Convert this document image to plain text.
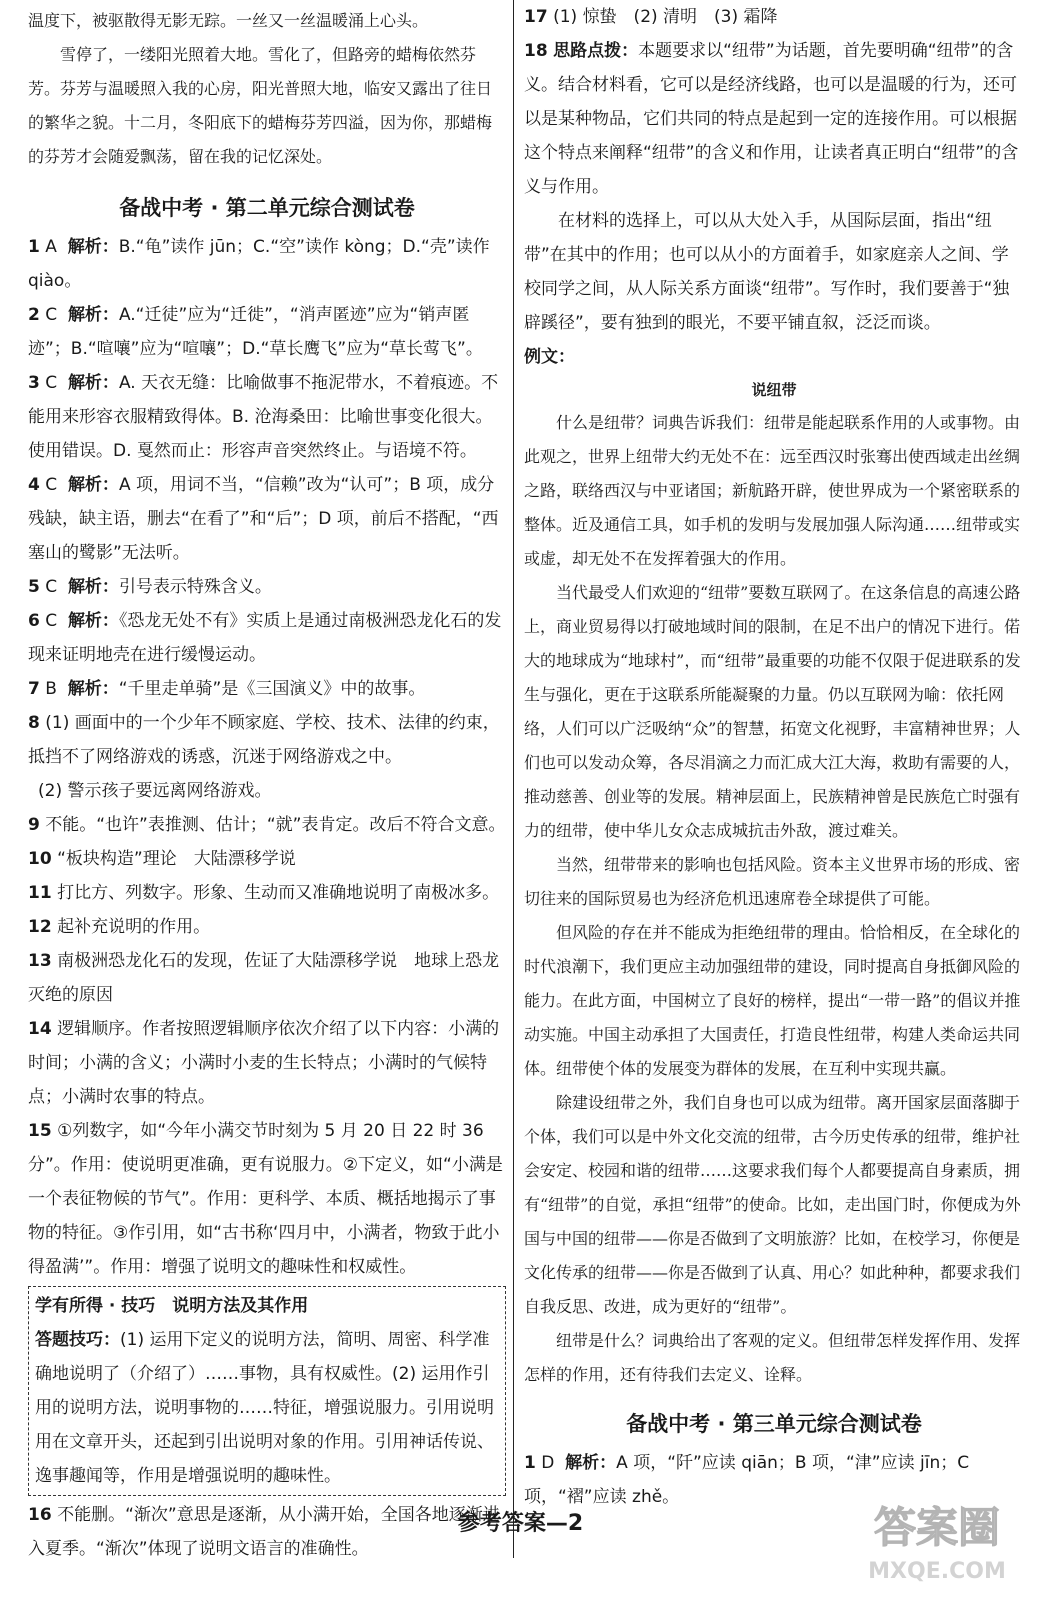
温度下，被驱散得无影无踪。一丝又一丝温暖涌上心头。

雪停了，一缕阳光照着大地。雪化了，但路旁的蜡梅依然芬芳。芬芳与温暖照入我的心房，阳光普照大地，临安又露出了往日的繁华之貌。十二月，冬阳底下的蜡梅芬芳四溢，因为你，那蜡梅的芬芳才会随爱飘荡，留在我的记忆深处。

备战中考 · 第二单元综合测试卷

1 A 解析：B.“龟”读作 jūn；C.“空”读作 kòng；D.“壳”读作 qiào。

2 C 解析：A.“迁徒”应为“迁徙”，“消声匿迹”应为“销声匿迹”；B.“喧嚷”应为“喧嚷”；D.“草长鹰飞”应为“草长莺飞”。

3 C 解析：A. 天衣无缝：比喻做事不拖泥带水，不着痕迹。不能用来形容衣服精致得体。B. 沧海桑田：比喻世事变化很大。使用错误。D. 戛然而止：形容声音突然终止。与语境不符。

4 C 解析：A 项，用词不当，“信赖”改为“认可”；B 项，成分残缺，缺主语，删去“在看了”和“后”；D 项，前后不搭配，“西塞山的鹭影”无法听。

5 C 解析：引号表示特殊含义。

6 C 解析：《恐龙无处不有》实质上是通过南极洲恐龙化石的发现来证明地壳在进行缓慢运动。

7 B 解析：“千里走单骑”是《三国演义》中的故事。

8 (1) 画面中的一个少年不顾家庭、学校、技术、法律的约束，抵挡不了网络游戏的诱惑，沉迷于网络游戏之中。

(2) 警示孩子要远离网络游戏。

9 不能。“也许”表推测、估计；“就”表肯定。改后不符合文意。

10 “板块构造”理论　大陆漂移学说

11 打比方、列数字。形象、生动而又准确地说明了南极冰多。

12 起补充说明的作用。

13 南极洲恐龙化石的发现，佐证了大陆漂移学说　地球上恐龙灭绝的原因

14 逻辑顺序。作者按照逻辑顺序依次介绍了以下内容：小满的时间；小满的含义；小满时小麦的生长特点；小满时的气候特点；小满时农事的特点。

15 ①列数字，如“今年小满交节时刻为 5 月 20 日 22 时 36 分”。作用：使说明更准确，更有说服力。②下定义，如“小满是一个表征物候的节气”。作用：更科学、本质、概括地揭示了事物的特征。③作引用，如“古书称‘四月中，小满者，物致于此小得盈满’”。作用：增强了说明文的趣味性和权威性。

学有所得 · 技巧　说明方法及其作用

答题技巧：(1) 运用下定义的说明方法，简明、周密、科学准确地说明了（介绍了）……事物，具有权威性。(2) 运用作引用的说明方法，说明事物的……特征，增强说服力。引用说明用在文章开头，还起到引出说明对象的作用。引用神话传说、逸事趣闻等，作用是增强说明的趣味性。

16 不能删。“渐次”意思是逐渐，从小满开始，全国各地逐渐进入夏季。“渐次”体现了说明文语言的准确性。

17 (1) 惊蛰　(2) 清明　(3) 霜降

18 思路点拨：本题要求以“纽带”为话题，首先要明确“纽带”的含义。结合材料看，它可以是经济线路，也可以是温暖的行为，还可以是某种物品，它们共同的特点是起到一定的连接作用。可以根据这个特点来阐释“纽带”的含义和作用，让读者真正明白“纽带”的含义与作用。

在材料的选择上，可以从大处入手，从国际层面，指出“纽带”在其中的作用；也可以从小的方面着手，如家庭亲人之间、学校同学之间，从人际关系方面谈“纽带”。写作时，我们要善于“独辟蹊径”，要有独到的眼光，不要平铺直叙，泛泛而谈。

例文：

说纽带

什么是纽带？词典告诉我们：纽带是能起联系作用的人或事物。由此观之，世界上纽带大约无处不在：远至西汉时张骞出使西域走出丝绸之路，联络西汉与中亚诸国；新航路开辟，使世界成为一个紧密联系的整体。近及通信工具，如手机的发明与发展加强人际沟通……纽带或实或虚，却无处不在发挥着强大的作用。

当代最受人们欢迎的“纽带”要数互联网了。在这条信息的高速公路上，商业贸易得以打破地域时间的限制，在足不出户的情况下进行。偌大的地球成为“地球村”，而“纽带”最重要的功能不仅限于促进联系的发生与强化，更在于这联系所能凝聚的力量。仍以互联网为喻：依托网络，人们可以广泛吸纳“众”的智慧，拓宽文化视野，丰富精神世界；人们也可以发动众筹，各尽涓滴之力而汇成大江大海，救助有需要的人，推动慈善、创业等的发展。精神层面上，民族精神曾是民族危亡时强有力的纽带，使中华儿女众志成城抗击外敌，渡过难关。

当然，纽带带来的影响也包括风险。资本主义世界市场的形成、密切往来的国际贸易也为经济危机迅速席卷全球提供了可能。

但风险的存在并不能成为拒绝纽带的理由。恰恰相反，在全球化的时代浪潮下，我们更应主动加强纽带的建设，同时提高自身抵御风险的能力。在此方面，中国树立了良好的榜样，提出“一带一路”的倡议并推动实施。中国主动承担了大国责任，打造良性纽带，构建人类命运共同体。纽带使个体的发展变为群体的发展，在互利中实现共赢。

除建设纽带之外，我们自身也可以成为纽带。离开国家层面落脚于个体，我们可以是中外文化交流的纽带，古今历史传承的纽带，维护社会安定、校园和谐的纽带……这要求我们每个人都要提高自身素质，拥有“纽带”的自觉，承担“纽带”的使命。比如，走出国门时，你便成为外国与中国的纽带——你是否做到了文明旅游？比如，在校学习，你便是文化传承的纽带——你是否做到了认真、用心？如此种种，都要求我们自我反思、改进，成为更好的“纽带”。

纽带是什么？词典给出了客观的定义。但纽带怎样发挥作用、发挥怎样的作用，还有待我们去定义、诠释。

备战中考 · 第三单元综合测试卷

1 D 解析：A 项，“阡”应读 qiān；B 项，“津”应读 jīn；C 项，“褶”应读 zhě。

参考答案—2	答案圈
MXQE.COM
